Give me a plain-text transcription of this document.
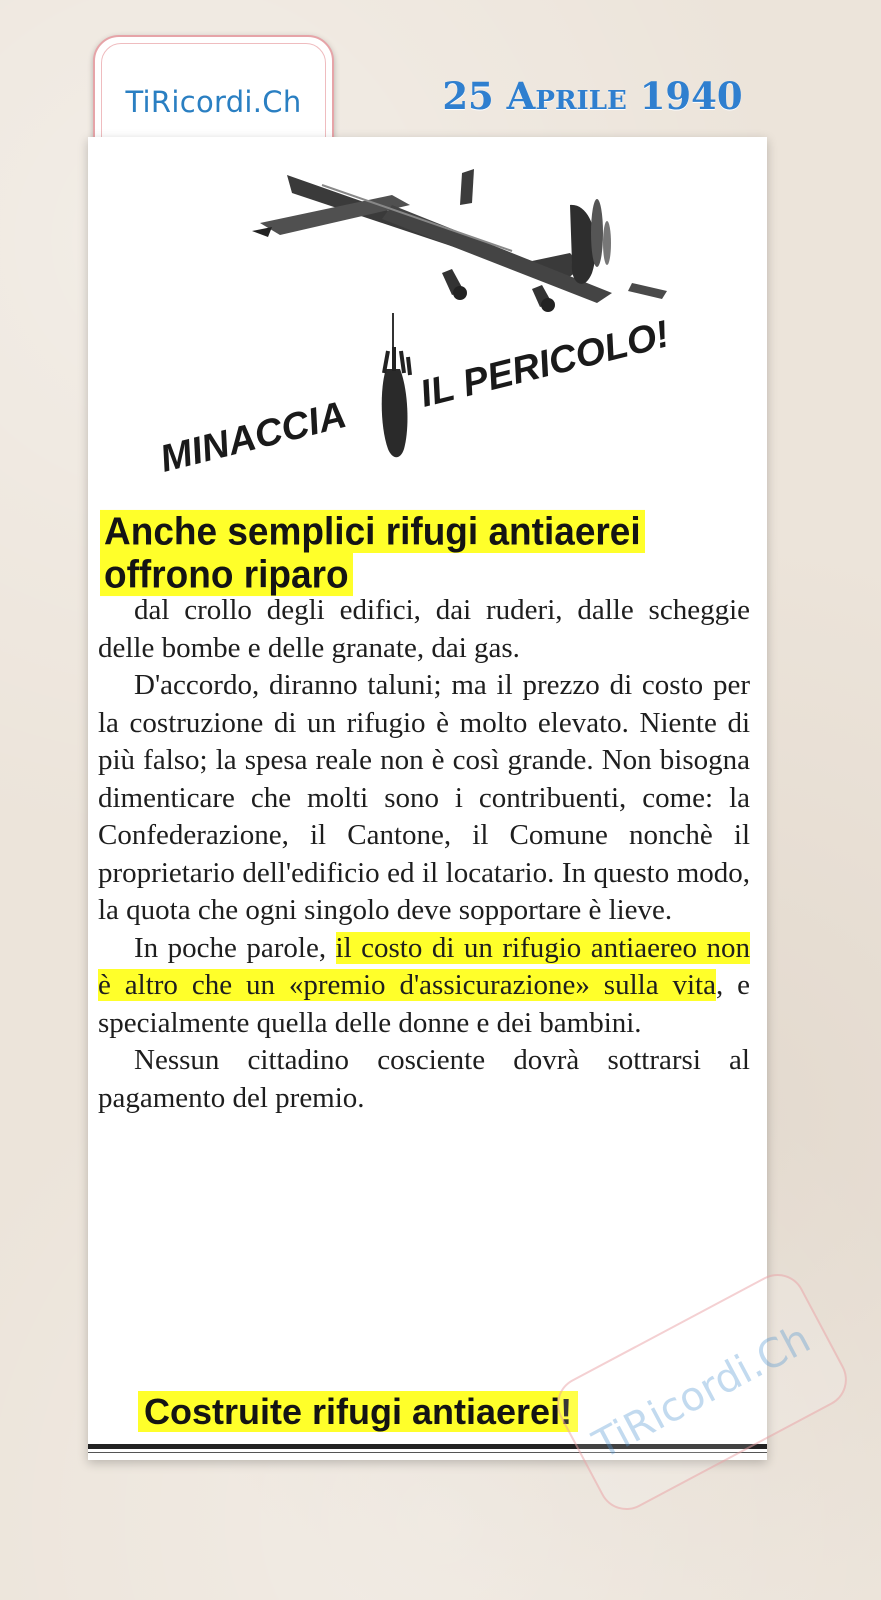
TiRicordi.Ch	25 Aprile 1940
MINACCIA
IL PERICOLO!
Anche semplici rifugi antiaerei
offrono riparo

dal crollo degli edifici, dai ruderi, dalle scheggie delle bombe e delle granate, dai gas.

D'accordo, diranno taluni; ma il prezzo di costo per la costruzione di un rifugio è molto elevato. Niente di più falso; la spesa reale non è così grande. Non bisogna dimenticare che molti sono i contribuenti, come: la Confederazione, il Cantone, il Comune nonchè il proprietario dell'edificio ed il locatario. In questo modo, la quota che ogni singolo deve sopportare è lieve.

In poche parole, il costo di un rifugio antiaereo non è altro che un «premio d'assicurazione» sulla vita, e specialmente quella delle donne e dei bambini.

Nessun cittadino cosciente dovrà sottrarsi al pagamento del premio.

Costruite rifugi antiaerei! TiRicordi.Ch
